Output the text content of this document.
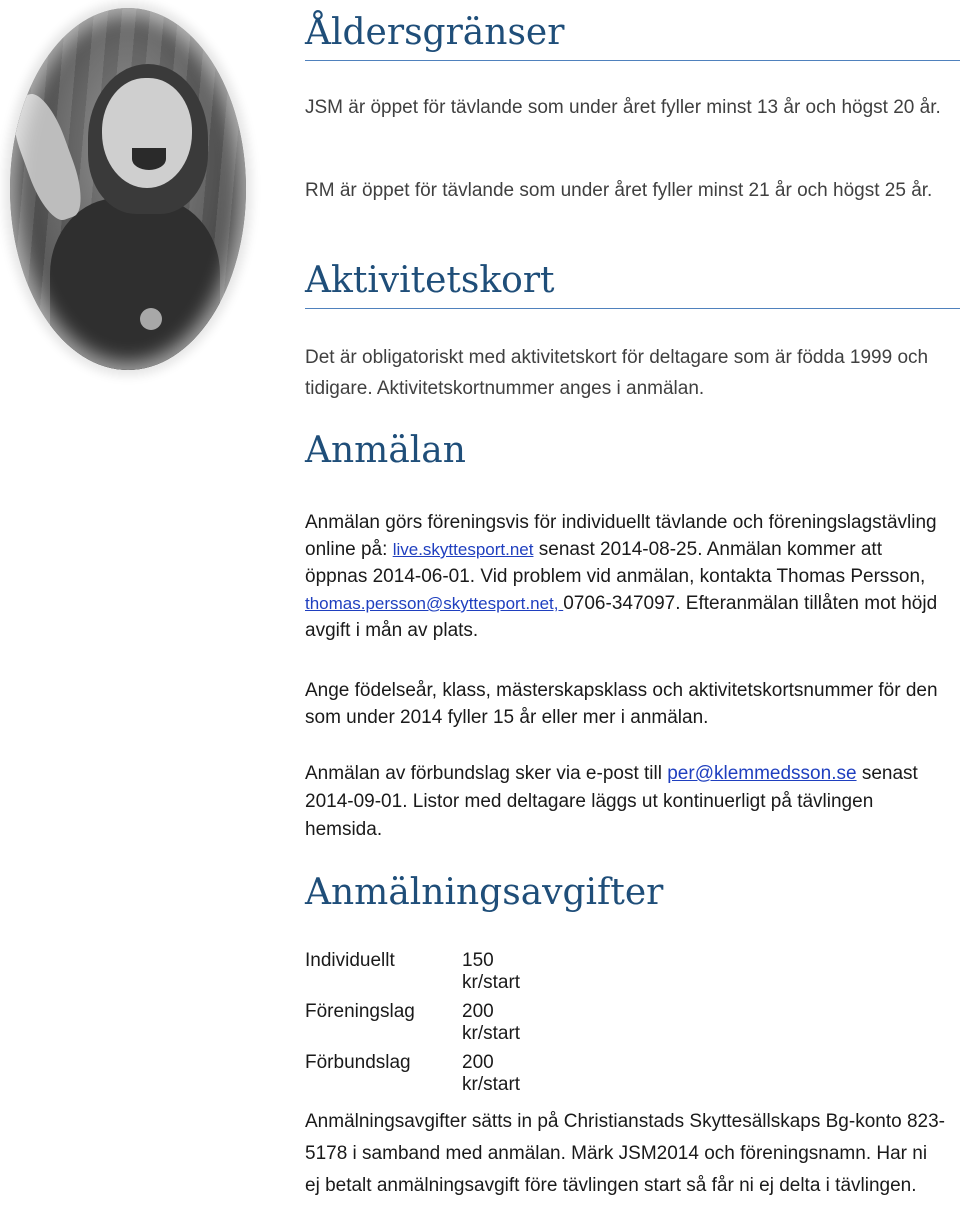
Åldersgränser

JSM är öppet för tävlande som under året fyller minst 13 år och högst 20 år.

RM är öppet för tävlande som under året fyller minst 21 år och högst 25 år.

Aktivitetskort

Det är obligatoriskt med aktivitetskort för deltagare som är födda 1999 och tidigare. Aktivitetskortnummer anges i anmälan.

Anmälan

Anmälan görs föreningsvis för individuellt tävlande och föreningslagstävling online på: live.skyttesport.net senast 2014-08-25. Anmälan kommer att öppnas 2014-06-01. Vid problem vid anmälan, kontakta Thomas Persson, thomas.persson@skyttesport.net, 0706-347097. Efteranmälan tillåten mot höjd avgift i mån av plats.

Ange födelseår, klass, mästerskapsklass och aktivitetskortsnummer för den som under 2014 fyller 15 år eller mer i anmälan.

Anmälan av förbundslag sker via e-post till per@klemmedsson.se senast 2014-09-01. Listor med deltagare läggs ut kontinuerligt på tävlingen hemsida.

Anmälningsavgifter
Individuellt	150 kr/start
Föreningslag	200 kr/start
Förbundslag	200 kr/start

Anmälningsavgifter sätts in på Christianstads Skyttesällskaps Bg-konto 823-5178 i samband med anmälan. Märk JSM2014 och föreningsnamn. Har ni ej betalt anmälningsavgift före tävlingen start så får ni ej delta i tävlingen.
